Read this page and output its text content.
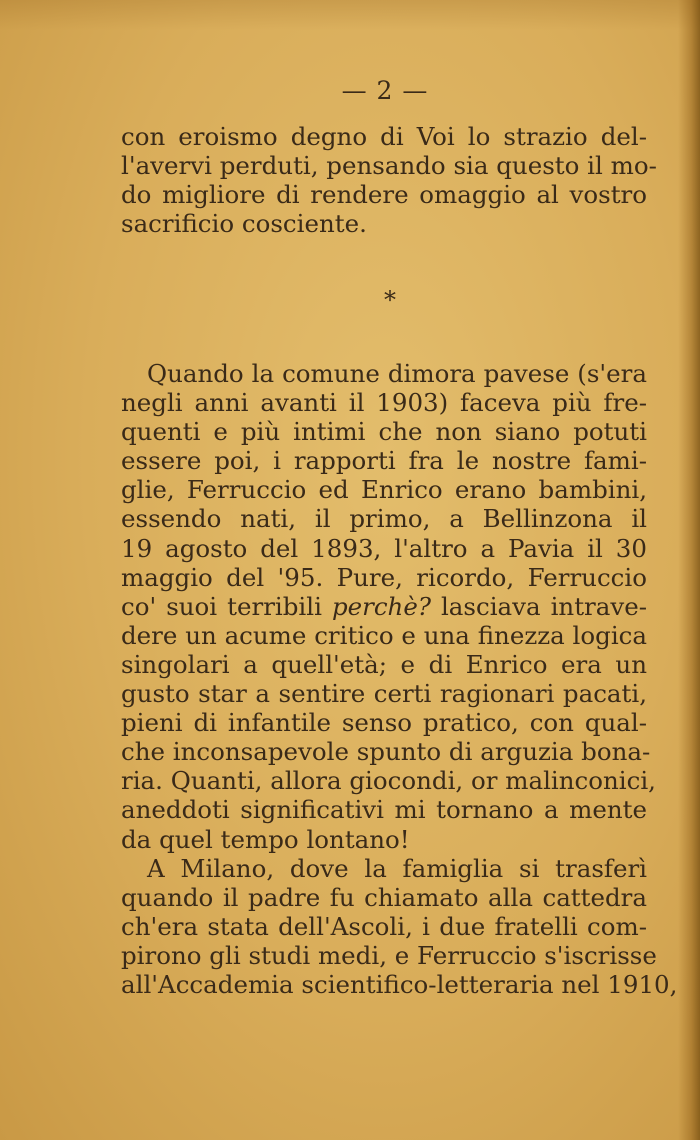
— 2 —
con eroismo degno di Voi lo strazio del-
l'avervi perduti, pensando sia questo il mo-
do migliore di rendere omaggio al vostro
sacrificio cosciente.
*
Quando la comune dimora pavese (s'era
negli anni avanti il 1903) faceva più fre-
quenti e più intimi che non siano potuti
essere poi, i rapporti fra le nostre fami-
glie, Ferruccio ed Enrico erano bambini,
essendo nati, il primo, a Bellinzona il
19 agosto del 1893, l'altro a Pavia il 30
maggio del '95. Pure, ricordo, Ferruccio
co' suoi terribili perchè? lasciava intrave-
dere un acume critico e una finezza logica
singolari a quell'età; e di Enrico era un
gusto star a sentire certi ragionari pacati,
pieni di infantile senso pratico, con qual-
che inconsapevole spunto di arguzia bona-
ria. Quanti, allora giocondi, or malinconici,
aneddoti significativi mi tornano a mente
da quel tempo lontano!
A Milano, dove la famiglia si trasferì
quando il padre fu chiamato alla cattedra
ch'era stata dell'Ascoli, i due fratelli com-
pirono gli studi medi, e Ferruccio s'iscrisse
all'Accademia scientifico-letteraria nel 1910,
